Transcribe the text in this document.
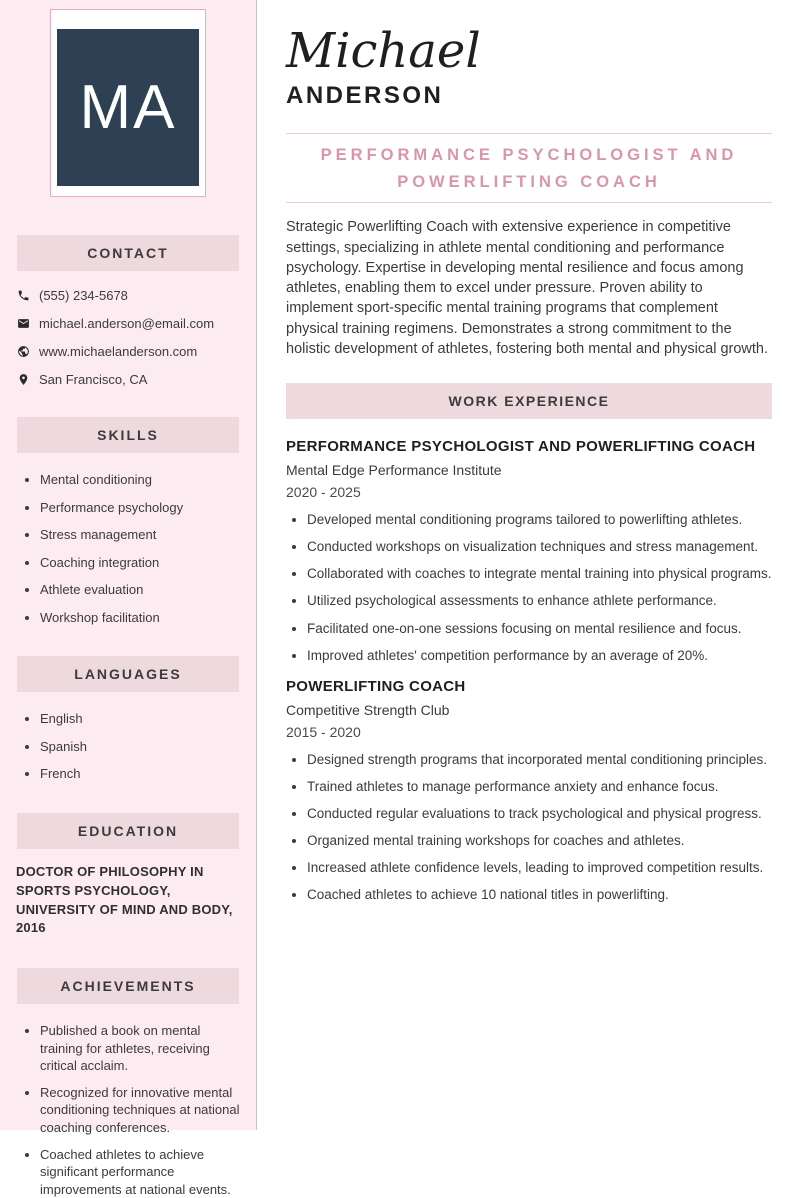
MA
CONTACT
(555) 234-5678
michael.anderson@email.com
www.michaelanderson.com
San Francisco, CA
SKILLS
• Mental conditioning
• Performance psychology
• Stress management
• Coaching integration
• Athlete evaluation
• Workshop facilitation
LANGUAGES
• English
• Spanish
• French
EDUCATION
DOCTOR OF PHILOSOPHY IN SPORTS PSYCHOLOGY, UNIVERSITY OF MIND AND BODY, 2016
ACHIEVEMENTS
• Published a book on mental training for athletes, receiving critical acclaim.
• Recognized for innovative mental conditioning techniques at national coaching conferences.
• Coached athletes to achieve significant performance improvements at national events.
Michael
ANDERSON
PERFORMANCE PSYCHOLOGIST AND POWERLIFTING COACH

Strategic Powerlifting Coach with extensive experience in competitive settings, specializing in athlete mental conditioning and performance psychology. Expertise in developing mental resilience and focus among athletes, enabling them to excel under pressure. Proven ability to implement sport-specific mental training programs that complement physical training regimens. Demonstrates a strong commitment to the holistic development of athletes, fostering both mental and physical growth.

WORK EXPERIENCE
PERFORMANCE PSYCHOLOGIST AND POWERLIFTING COACH
Mental Edge Performance Institute
2020 - 2025
• Developed mental conditioning programs tailored to powerlifting athletes.
• Conducted workshops on visualization techniques and stress management.
• Collaborated with coaches to integrate mental training into physical programs.
• Utilized psychological assessments to enhance athlete performance.
• Facilitated one-on-one sessions focusing on mental resilience and focus.
• Improved athletes' competition performance by an average of 20%.
POWERLIFTING COACH
Competitive Strength Club
2015 - 2020
• Designed strength programs that incorporated mental conditioning principles.
• Trained athletes to manage performance anxiety and enhance focus.
• Conducted regular evaluations to track psychological and physical progress.
• Organized mental training workshops for coaches and athletes.
• Increased athlete confidence levels, leading to improved competition results.
• Coached athletes to achieve 10 national titles in powerlifting.
